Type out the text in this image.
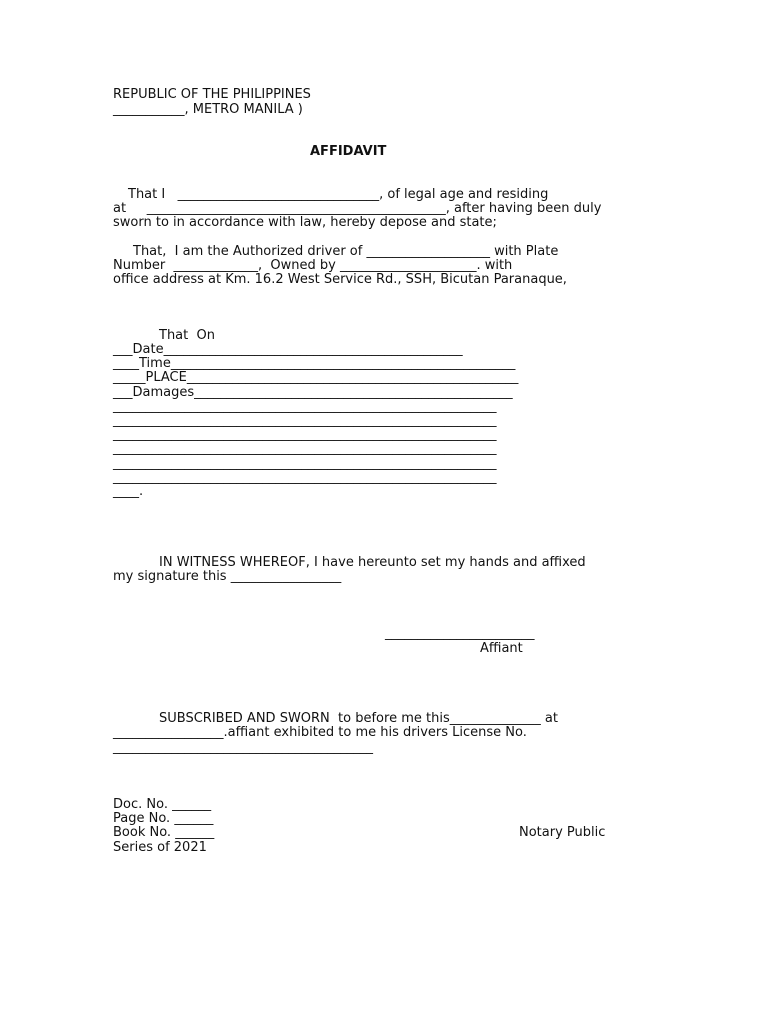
REPUBLIC OF THE PHILIPPINES
___________, METRO MANILA )
AFFIDAVIT
That I   _______________________________, of legal age and residing
at     ______________________________________________, after having been duly
sworn to in accordance with law, hereby depose and state;
That,  I am the Authorized driver of ___________________ with Plate
Number  _____________,  Owned by _____________________. with
office address at Km. 16.2 West Service Rd., SSH, Bicutan Paranaque,
That  On
___Date______________________________________________
____Time_____________________________________________________
_____PLACE___________________________________________________
___Damages_________________________________________________
___________________________________________________________
___________________________________________________________
___________________________________________________________
___________________________________________________________
___________________________________________________________
___________________________________________________________
____.
IN WITNESS WHEREOF, I have hereunto set my hands and affixed
my signature this _________________
_______________________
Affiant
SUBSCRIBED AND SWORN  to before me this______________ at
_________________.affiant exhibited to me his drivers License No.
________________________________________
Doc. No. ______
Page No. ______
Book No. ______	Notary Public
Series of 2021
